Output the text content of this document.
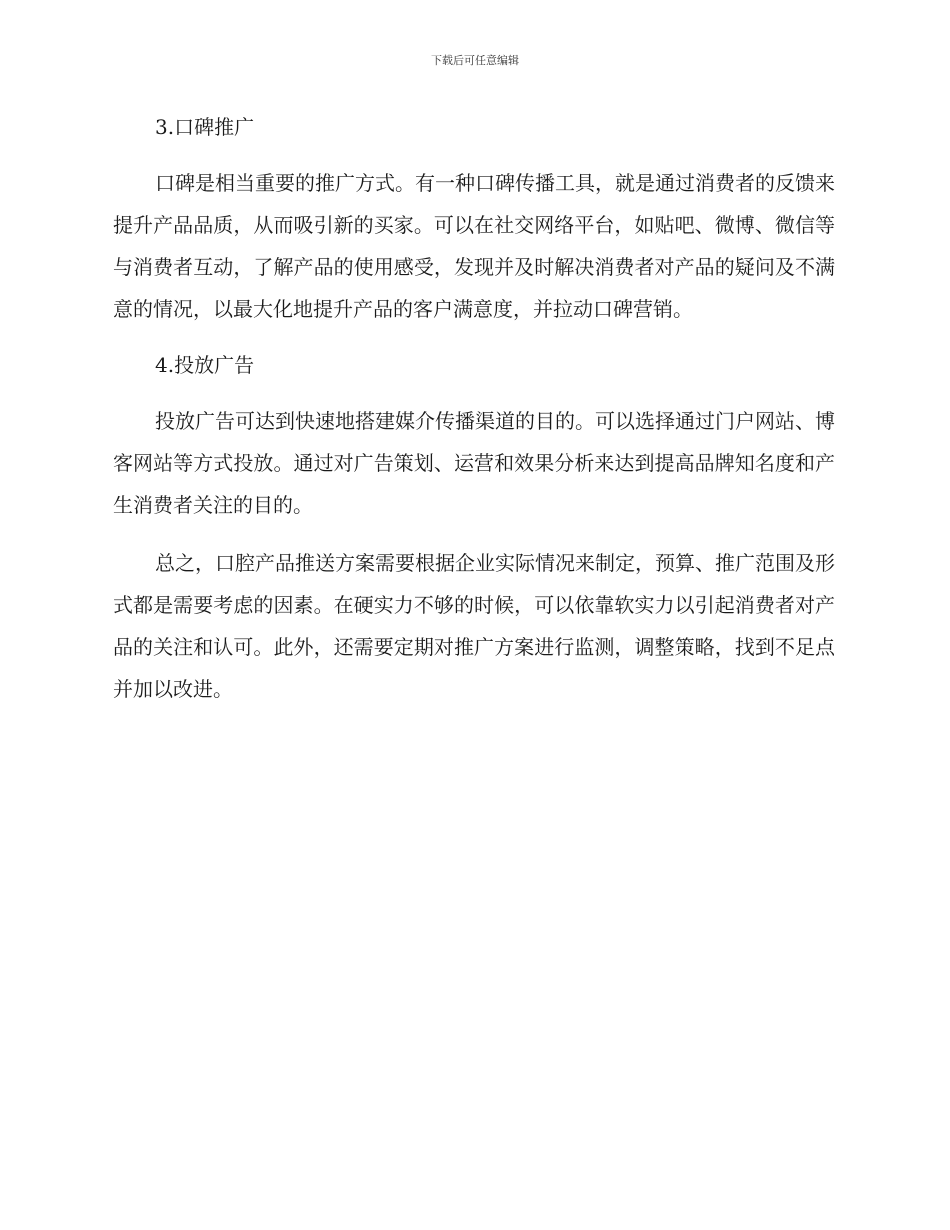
下载后可任意编辑
3.口碑推广

口碑是相当重要的推广方式。有一种口碑传播工具，就是通过消费者的反馈来提升产品品质，从而吸引新的买家。可以在社交网络平台，如贴吧、微博、微信等与消费者互动，了解产品的使用感受，发现并及时解决消费者对产品的疑问及不满意的情况，以最大化地提升产品的客户满意度，并拉动口碑营销。

4.投放广告

投放广告可达到快速地搭建媒介传播渠道的目的。可以选择通过门户网站、博客网站等方式投放。通过对广告策划、运营和效果分析来达到提高品牌知名度和产生消费者关注的目的。

总之，口腔产品推送方案需要根据企业实际情况来制定，预算、推广范围及形式都是需要考虑的因素。在硬实力不够的时候，可以依靠软实力以引起消费者对产品的关注和认可。此外，还需要定期对推广方案进行监测，调整策略，找到不足点并加以改进。
